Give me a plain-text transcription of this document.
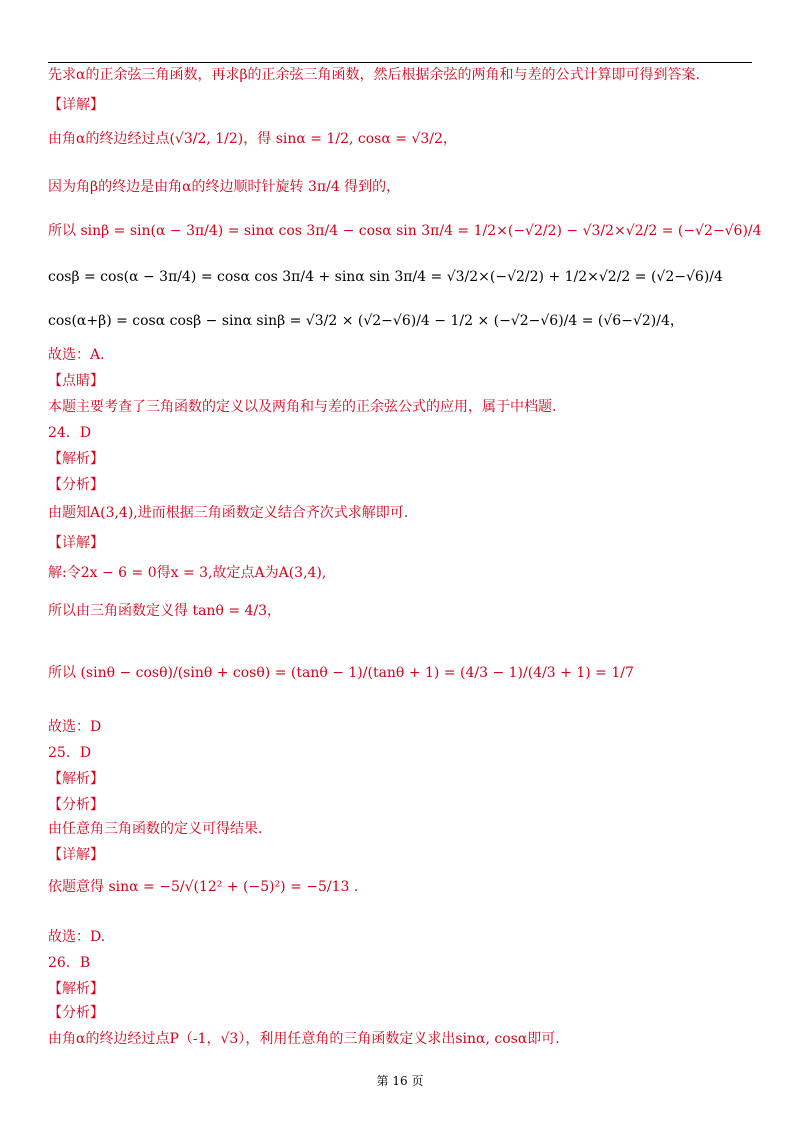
先求α的正余弦三角函数，再求β的正余弦三角函数，然后根据余弦的两角和与差的公式计算即可得到答案.
【详解】
由角α的终边经过点(√3/2, 1/2)，得 sinα = 1/2, cosα = √3/2，
因为角β的终边是由角α的终边顺时针旋转 3π/4 得到的，
所以 sinβ = sin(α − 3π/4) = sinα cos 3π/4 − cosα sin 3π/4 = 1/2×(−√2/2) − √3/2×√2/2 = (−√2−√6)/4
cosβ = cos(α − 3π/4) = cosα cos 3π/4 + sinα sin 3π/4 = √3/2×(−√2/2) + 1/2×√2/2 = (√2−√6)/4
cos(α+β) = cosα cosβ − sinα sinβ = √3/2 × (√2−√6)/4 − 1/2 × (−√2−√6)/4 = (√6−√2)/4，
故选：A.
【点睛】
本题主要考查了三角函数的定义以及两角和与差的正余弦公式的应用，属于中档题.
24．D
【解析】
【分析】
由题知A(3,4),进而根据三角函数定义结合齐次式求解即可.
【详解】
解:令2x − 6 = 0得x = 3,故定点A为A(3,4),
所以由三角函数定义得 tanθ = 4/3，
所以 (sinθ − cosθ)/(sinθ + cosθ) = (tanθ − 1)/(tanθ + 1) = (4/3 − 1)/(4/3 + 1) = 1/7
故选：D
25．D
【解析】
【分析】
由任意角三角函数的定义可得结果.
【详解】
依题意得 sinα = −5/√(12² + (−5)²) = −5/13 .
故选：D.
26．B
【解析】
【分析】
由角α的终边经过点P（-1，√3），利用任意角的三角函数定义求出sinα, cosα即可.
第 16 页
